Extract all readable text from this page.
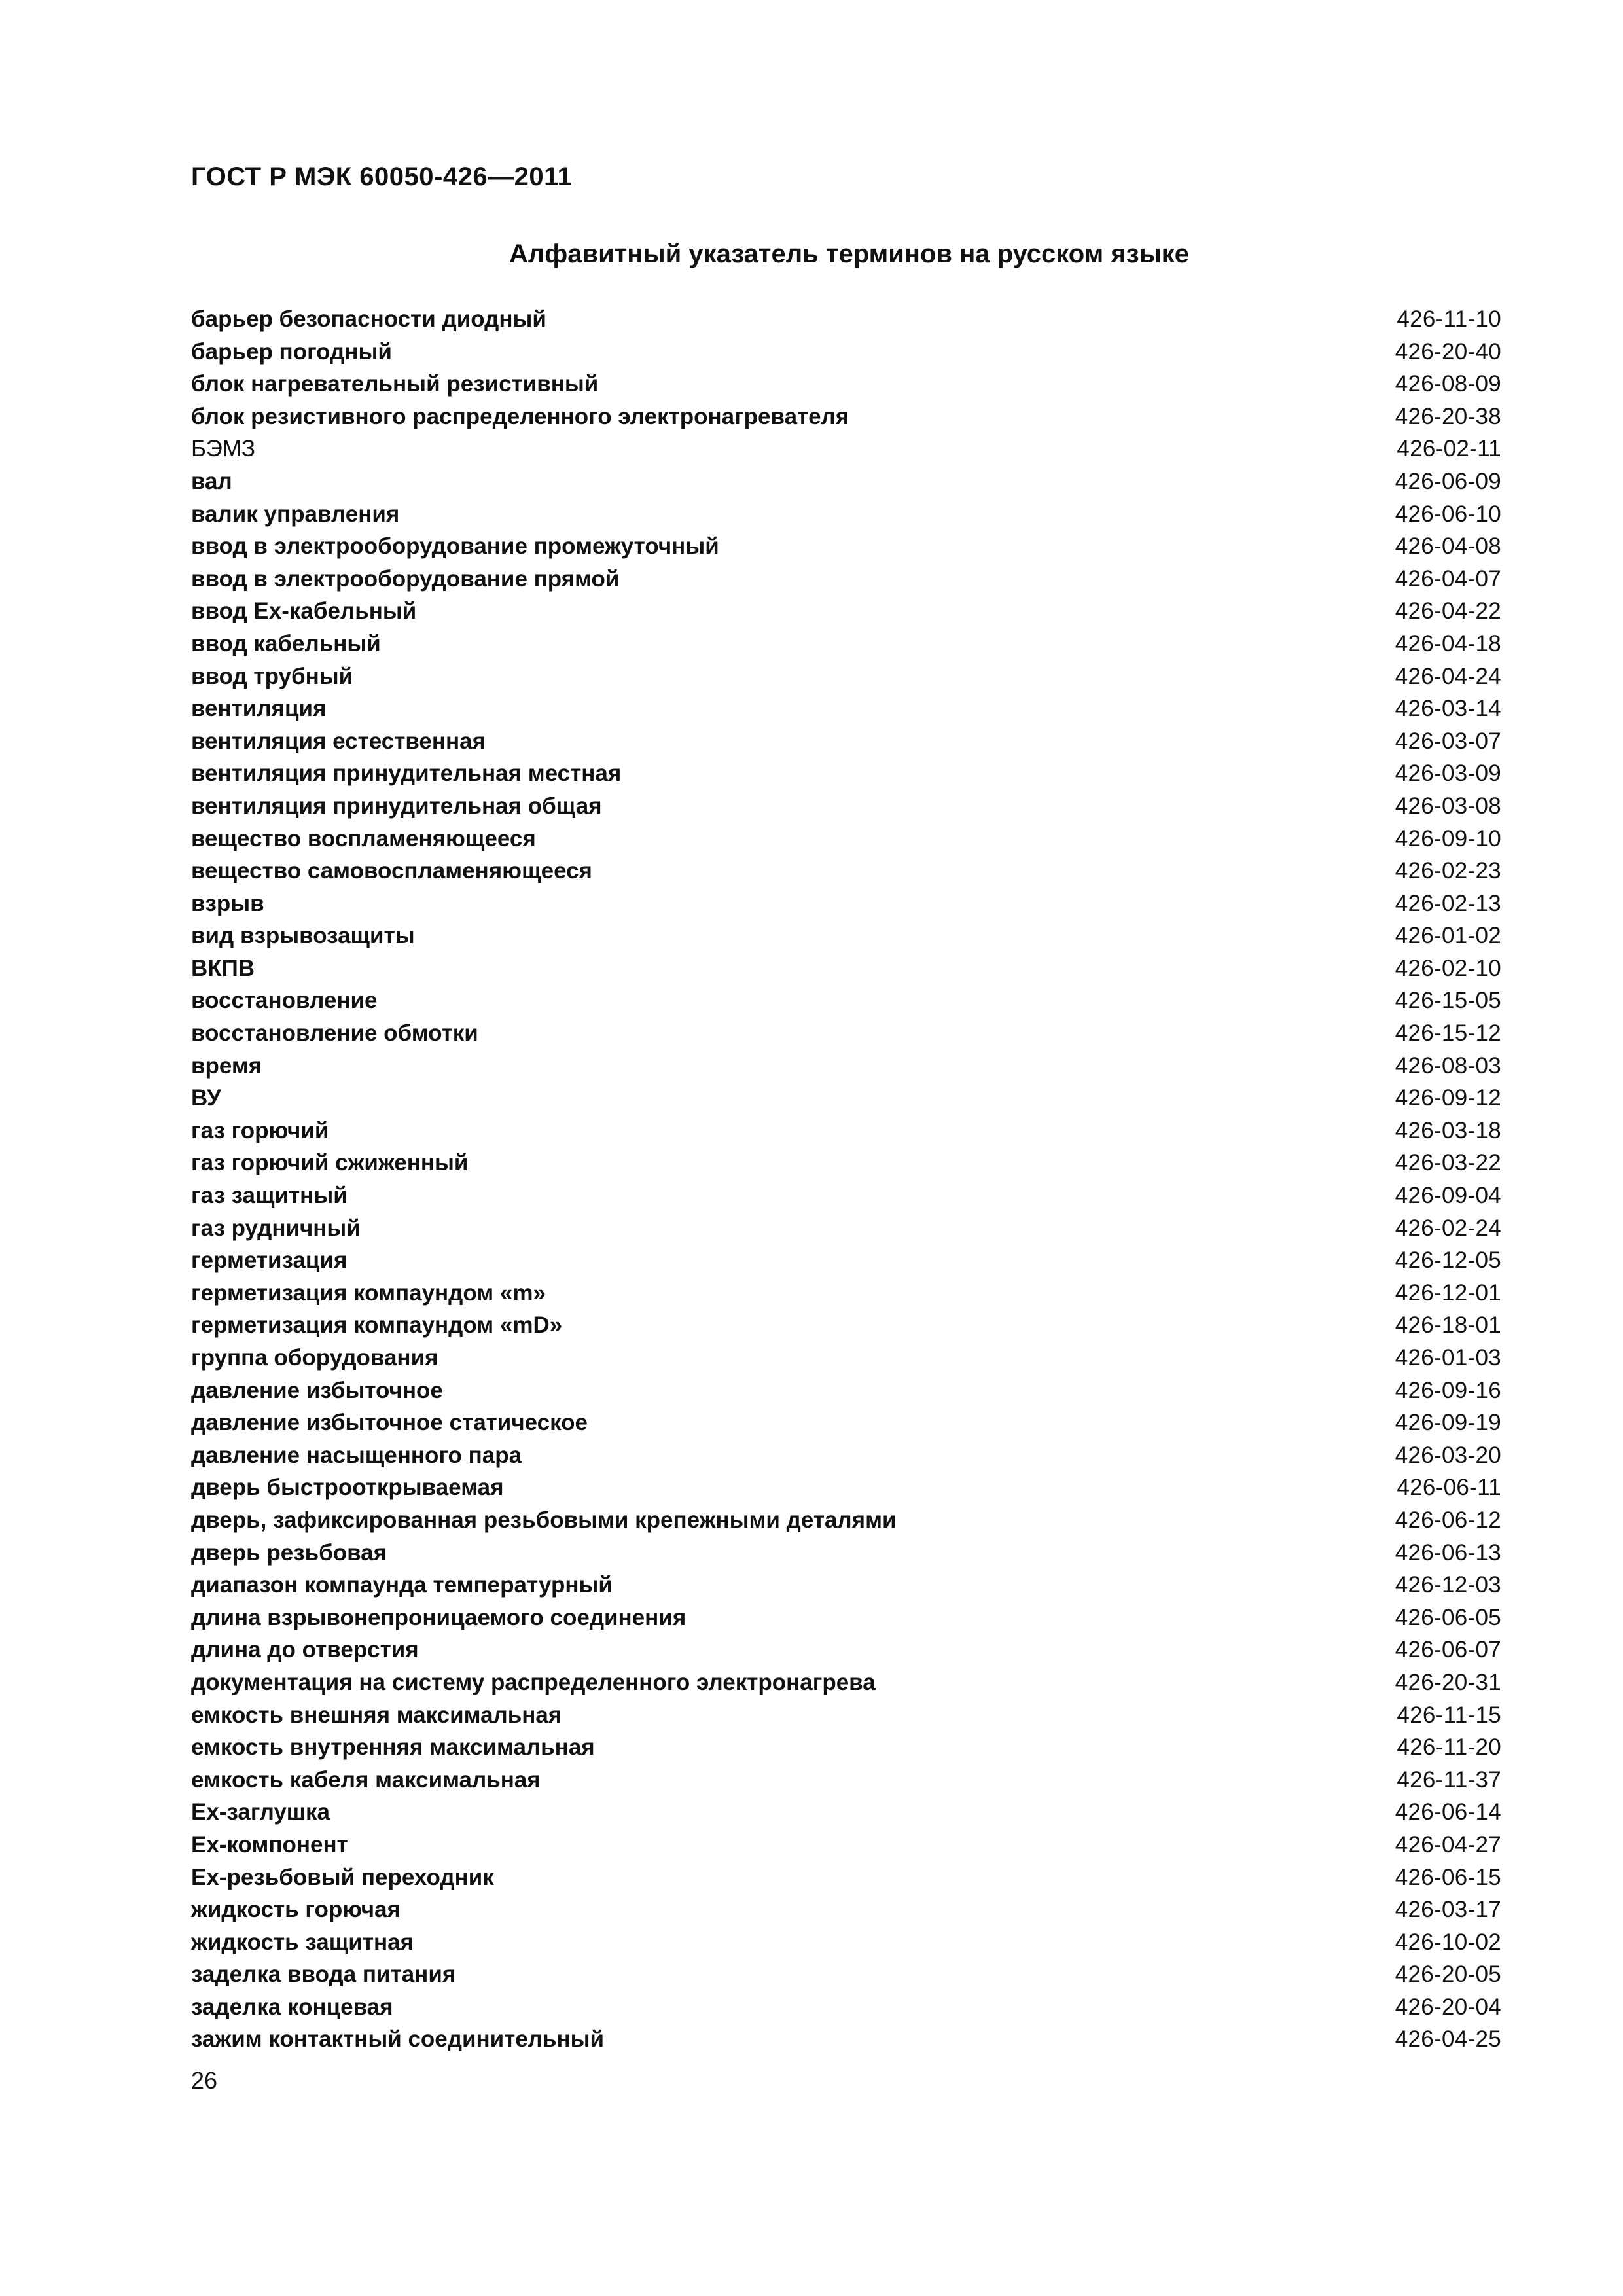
ГОСТ Р МЭК 60050-426—2011
Алфавитный указатель терминов на русском языке
барьер безопасности диодный	426-11-10
барьер погодный	426-20-40
блок нагревательный резистивный	426-08-09
блок резистивного распределенного электронагревателя	426-20-38
БЭМЗ	426-02-11
вал	426-06-09
валик управления	426-06-10
ввод в электрооборудование промежуточный	426-04-08
ввод в электрооборудование прямой	426-04-07
ввод Ex-кабельный	426-04-22
ввод кабельный	426-04-18
ввод трубный	426-04-24
вентиляция	426-03-14
вентиляция естественная	426-03-07
вентиляция принудительная местная	426-03-09
вентиляция принудительная общая	426-03-08
вещество воспламеняющееся	426-09-10
вещество самовоспламеняющееся	426-02-23
взрыв	426-02-13
вид взрывозащиты	426-01-02
ВКПВ	426-02-10
восстановление	426-15-05
восстановление обмотки	426-15-12
время	426-08-03
ВУ	426-09-12
газ горючий	426-03-18
газ горючий сжиженный	426-03-22
газ защитный	426-09-04
газ рудничный	426-02-24
герметизация	426-12-05
герметизация компаундом «m»	426-12-01
герметизация компаундом «mD»	426-18-01
группа оборудования	426-01-03
давление избыточное	426-09-16
давление избыточное статическое	426-09-19
давление насыщенного пара	426-03-20
дверь быстрооткрываемая	426-06-11
дверь, зафиксированная резьбовыми крепежными деталями	426-06-12
дверь резьбовая	426-06-13
диапазон компаунда температурный	426-12-03
длина взрывонепроницаемого соединения	426-06-05
длина до отверстия	426-06-07
документация на систему распределенного электронагрева	426-20-31
емкость внешняя максимальная	426-11-15
емкость внутренняя максимальная	426-11-20
емкость кабеля максимальная	426-11-37
Ex-заглушка	426-06-14
Ex-компонент	426-04-27
Ex-резьбовый переходник	426-06-15
жидкость горючая	426-03-17
жидкость защитная	426-10-02
заделка ввода питания	426-20-05
заделка концевая	426-20-04
зажим контактный соединительный	426-04-25
26
